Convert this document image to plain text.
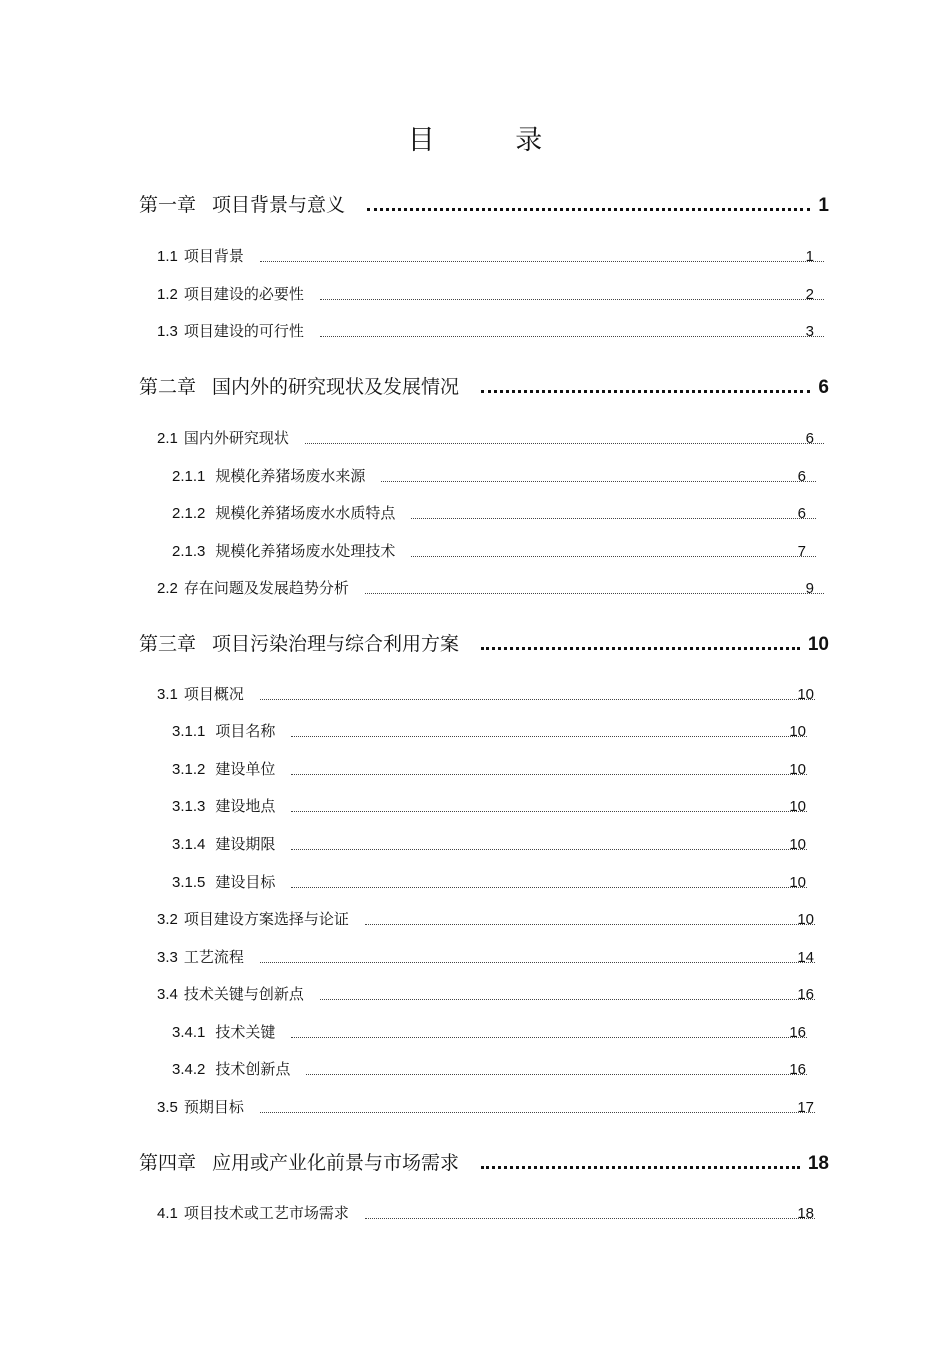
目 录
第一章 项目背景与意义	1
1.1 项目背景	1
1.2 项目建设的必要性	2
1.3 项目建设的可行性	3
第二章 国内外的研究现状及发展情况	6
2.1 国内外研究现状	6
2.1.1 规模化养猪场废水来源	6
2.1.2 规模化养猪场废水水质特点	6
2.1.3 规模化养猪场废水处理技术	7
2.2 存在问题及发展趋势分析	9
第三章 项目污染治理与综合利用方案	10
3.1 项目概况	10
3.1.1 项目名称	10
3.1.2 建设单位	10
3.1.3 建设地点	10
3.1.4 建设期限	10
3.1.5 建设目标	10
3.2 项目建设方案选择与论证	10
3.3 工艺流程	14
3.4 技术关键与创新点	16
3.4.1 技术关键	16
3.4.2 技术创新点	16
3.5 预期目标	17
第四章 应用或产业化前景与市场需求	18
4.1 项目技术或工艺市场需求	18
